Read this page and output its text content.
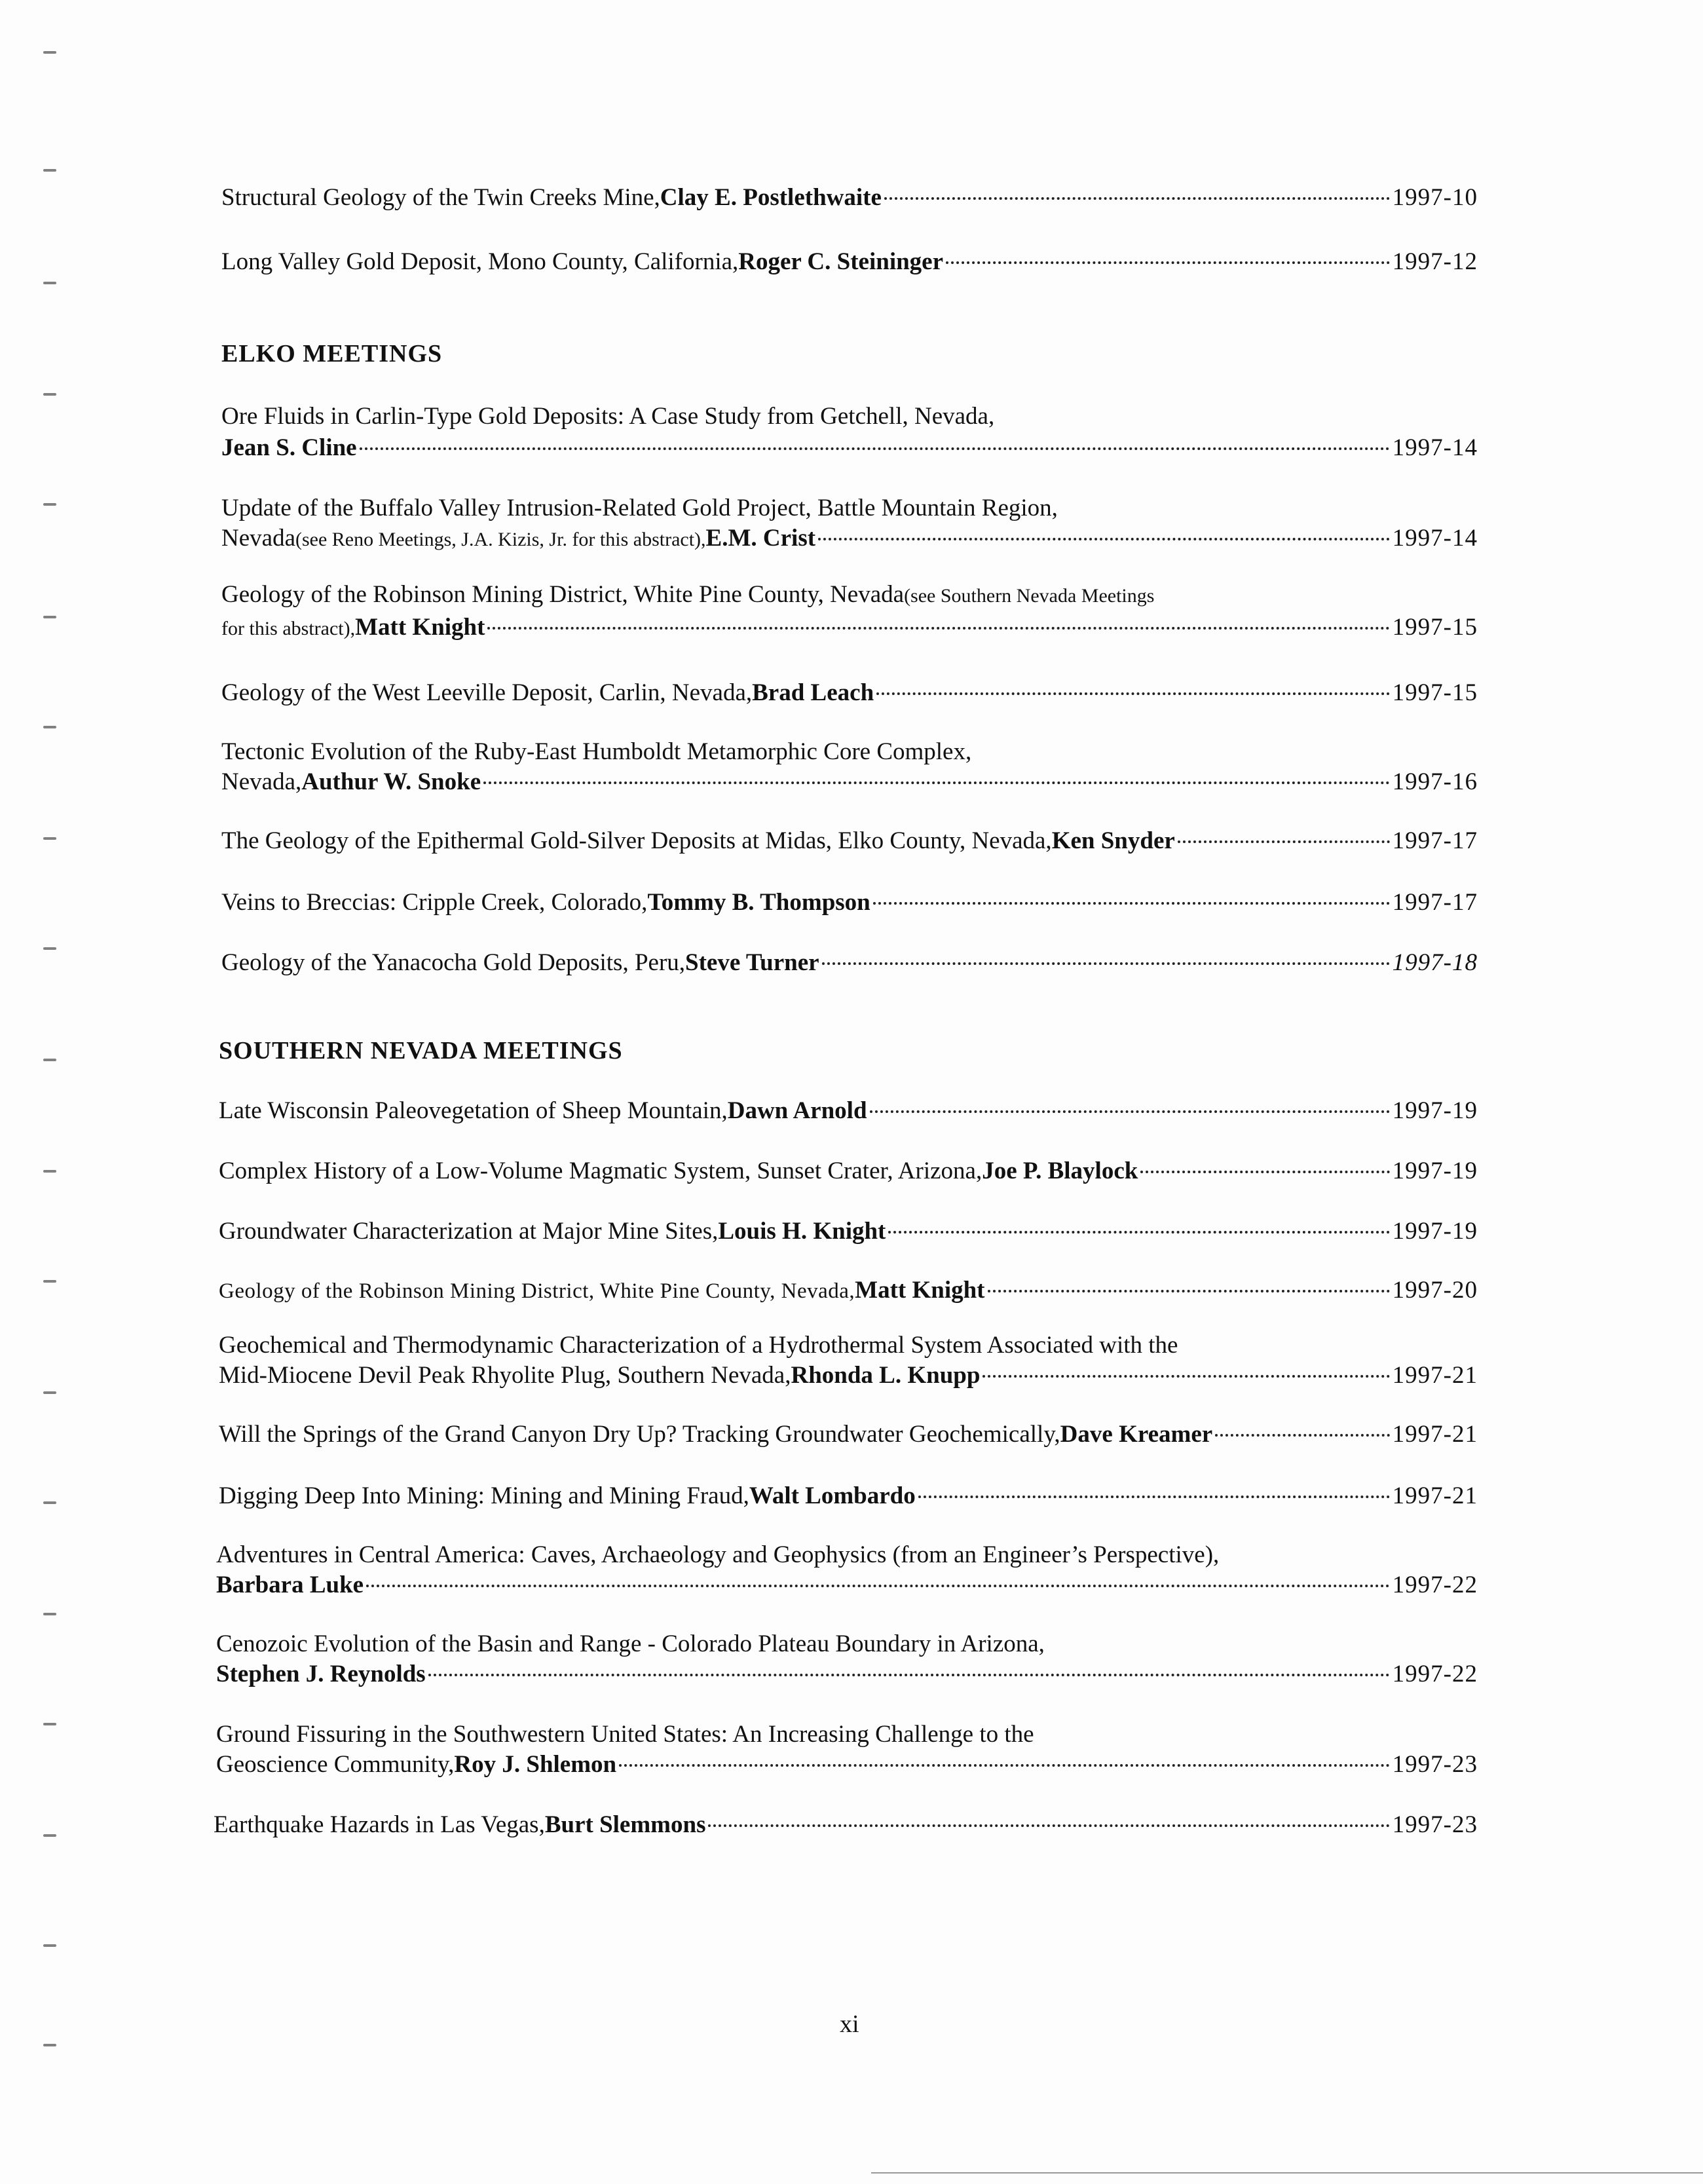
Structural Geology of the Twin Creeks Mine, Clay E. Postlethwaite	1997-10
Long Valley Gold Deposit, Mono County, California, Roger C. Steininger	1997-12
ELKO MEETINGS
Ore Fluids in Carlin-Type Gold Deposits: A Case Study from Getchell, Nevada,
Jean S. Cline	1997-14
Update of the Buffalo Valley Intrusion-Related Gold Project, Battle Mountain Region,
Nevada (see Reno Meetings, J.A. Kizis, Jr. for this abstract), E.M. Crist	1997-14
Geology of the Robinson Mining District, White Pine County, Nevada (see Southern Nevada Meetings
for this abstract), Matt Knight	1997-15
Geology of the West Leeville Deposit, Carlin, Nevada, Brad Leach	1997-15
Tectonic Evolution of the Ruby-East Humboldt Metamorphic Core Complex,
Nevada, Authur W. Snoke	1997-16
The Geology of the Epithermal Gold-Silver Deposits at Midas, Elko County, Nevada, Ken Snyder	1997-17
Veins to Breccias: Cripple Creek, Colorado, Tommy B. Thompson	1997-17
Geology of the Yanacocha Gold Deposits, Peru, Steve Turner	1997-18
SOUTHERN NEVADA MEETINGS
Late Wisconsin Paleovegetation of Sheep Mountain, Dawn Arnold	1997-19
Complex History of a Low-Volume Magmatic System, Sunset Crater, Arizona, Joe P. Blaylock	1997-19
Groundwater Characterization at Major Mine Sites, Louis H. Knight	1997-19
Geology of the Robinson Mining District, White Pine County, Nevada, Matt Knight	1997-20
Geochemical and Thermodynamic Characterization of a Hydrothermal System Associated with the
Mid-Miocene Devil Peak Rhyolite Plug, Southern Nevada, Rhonda L. Knupp	1997-21
Will the Springs of the Grand Canyon Dry Up? Tracking Groundwater Geochemically, Dave Kreamer	1997-21
Digging Deep Into Mining: Mining and Mining Fraud, Walt Lombardo	1997-21
Adventures in Central America: Caves, Archaeology and Geophysics (from an Engineer’s Perspective),
Barbara Luke	1997-22
Cenozoic Evolution of the Basin and Range - Colorado Plateau Boundary in Arizona,
Stephen J. Reynolds	1997-22
Ground Fissuring in the Southwestern United States: An Increasing Challenge to the
Geoscience Community, Roy J. Shlemon	1997-23
Earthquake Hazards in Las Vegas, Burt Slemmons	1997-23
xi
